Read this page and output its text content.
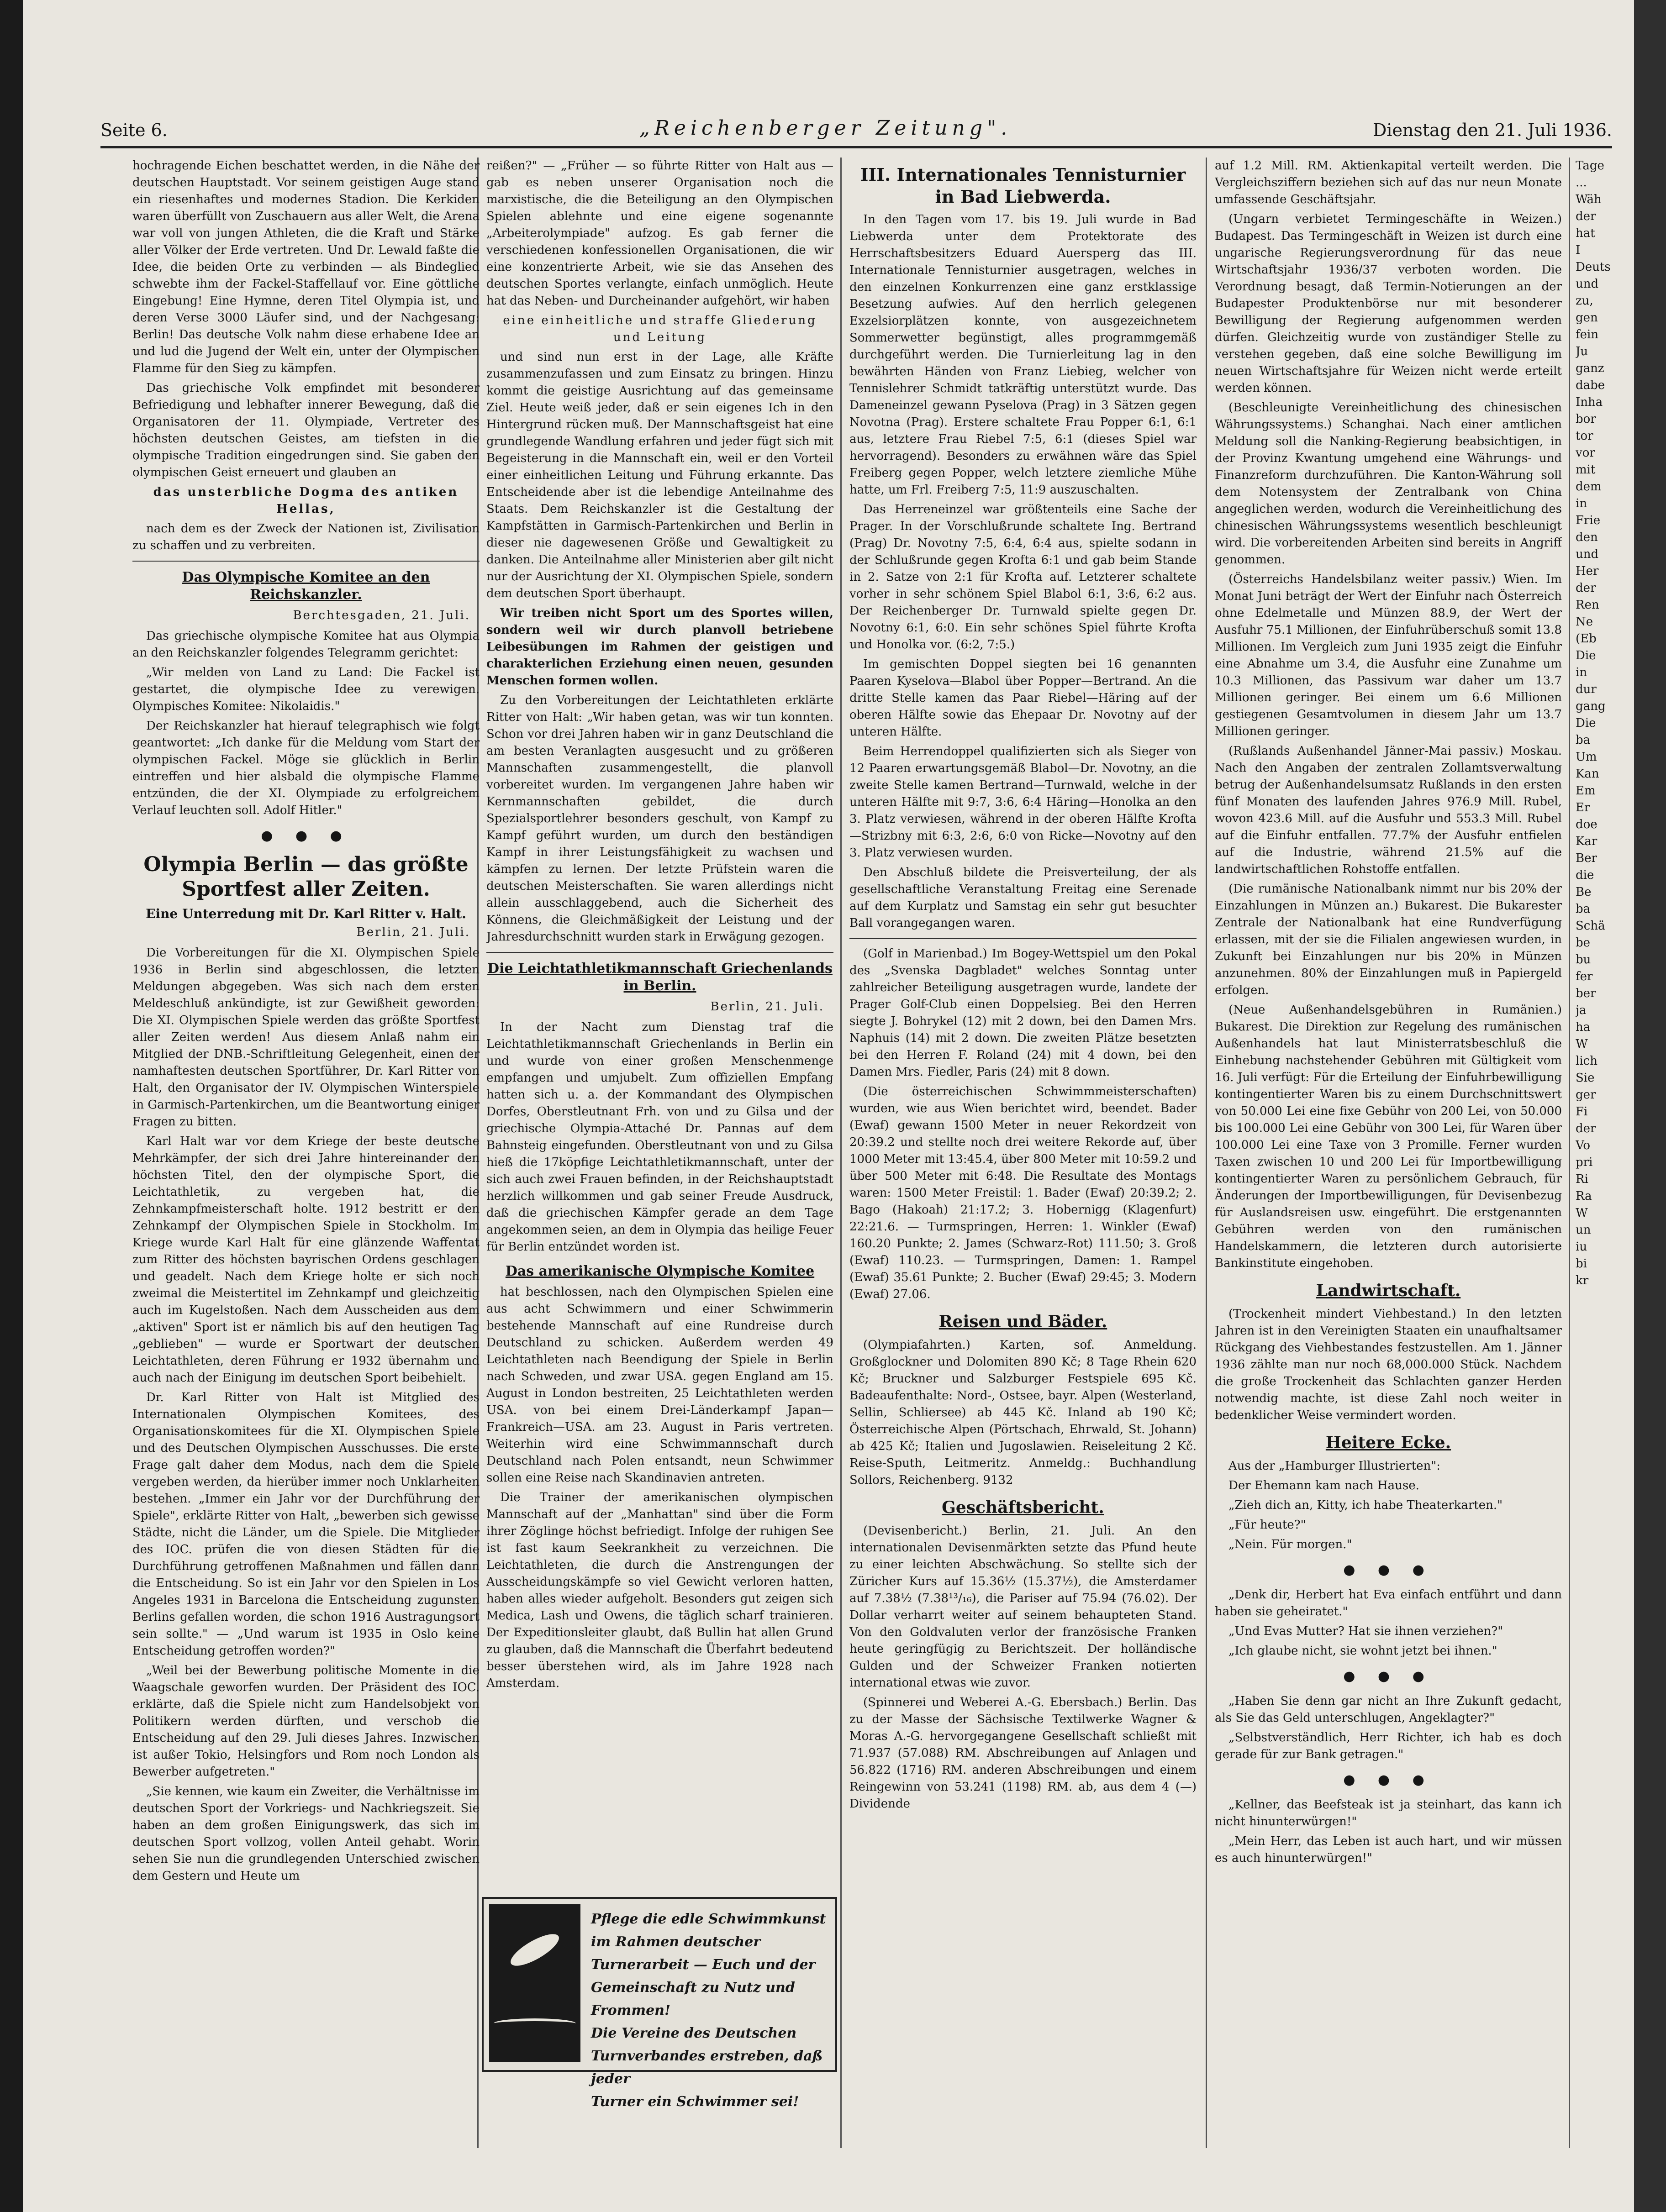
Seite 6.	„Reichenberger Zeitung".	Dienstag den 21. Juli 1936.

hochragende Eichen beschattet werden, in die Nähe der deutschen Hauptstadt. Vor seinem geistigen Auge stand ein riesenhaftes und modernes Stadion. Die Kerkiden waren überfüllt von Zuschauern aus aller Welt, die Arena war voll von jungen Athleten, die die Kraft und Stärke aller Völker der Erde vertreten. Und Dr. Lewald faßte die Idee, die beiden Orte zu verbinden — als Bindeglied schwebte ihm der Fackel-Staffellauf vor. Eine göttliche Eingebung! Eine Hymne, deren Titel Olympia ist, und deren Verse 3000 Läufer sind, und der Nachgesang: Berlin! Das deutsche Volk nahm diese erhabene Idee an und lud die Jugend der Welt ein, unter der Olympischen Flamme für den Sieg zu kämpfen.

Das griechische Volk empfindet mit besonderer Befriedigung und lebhafter innerer Bewegung, daß die Organisatoren der 11. Olympiade, Vertreter des höchsten deutschen Geistes, am tiefsten in die olympische Tradition eingedrungen sind. Sie gaben den olympischen Geist erneuert und glauben an

das unsterbliche Dogma des antiken Hellas,

nach dem es der Zweck der Nationen ist, Zivilisation zu schaffen und zu verbreiten.

Das Olympische Komitee an den Reichskanzler.
Berchtesgaden, 21. Juli.

Das griechische olympische Komitee hat aus Olympia an den Reichskanzler folgendes Telegramm gerichtet:

„Wir melden von Land zu Land: Die Fackel ist gestartet, die olympische Idee zu verewigen. Olympisches Komitee: Nikolaidis."

Der Reichskanzler hat hierauf telegraphisch wie folgt geantwortet: „Ich danke für die Meldung vom Start der olympischen Fackel. Möge sie glücklich in Berlin eintreffen und hier alsbald die olympische Flamme entzünden, die der XI. Olympiade zu erfolgreichem Verlauf leuchten soll. Adolf Hitler."

● ● ●
Olympia Berlin — das größte Sportfest aller Zeiten.
Eine Unterredung mit Dr. Karl Ritter v. Halt.
Berlin, 21. Juli.

Die Vorbereitungen für die XI. Olympischen Spiele 1936 in Berlin sind abgeschlossen, die letzten Meldungen abgegeben. Was sich nach dem ersten Meldeschluß ankündigte, ist zur Gewißheit geworden: Die XI. Olympischen Spiele werden das größte Sportfest aller Zeiten werden! Aus diesem Anlaß nahm ein Mitglied der DNB.-Schriftleitung Gelegenheit, einen der namhaftesten deutschen Sportführer, Dr. Karl Ritter von Halt, den Organisator der IV. Olympischen Winterspiele in Garmisch-Partenkirchen, um die Beantwortung einiger Fragen zu bitten.

Karl Halt war vor dem Kriege der beste deutsche Mehrkämpfer, der sich drei Jahre hintereinander den höchsten Titel, den der olympische Sport, die Leichtathletik, zu vergeben hat, die Zehnkampfmeisterschaft holte. 1912 bestritt er den Zehnkampf der Olympischen Spiele in Stockholm. Im Kriege wurde Karl Halt für eine glänzende Waffentat zum Ritter des höchsten bayrischen Ordens geschlagen und geadelt. Nach dem Kriege holte er sich noch zweimal die Meistertitel im Zehnkampf und gleichzeitig auch im Kugelstoßen. Nach dem Ausscheiden aus dem „aktiven" Sport ist er nämlich bis auf den heutigen Tag „geblieben" — wurde er Sportwart der deutschen Leichtathleten, deren Führung er 1932 übernahm und auch nach der Einigung im deutschen Sport beibehielt.

Dr. Karl Ritter von Halt ist Mitglied des Internationalen Olympischen Komitees, des Organisationskomitees für die XI. Olympischen Spiele und des Deutschen Olympischen Ausschusses. Die erste Frage galt daher dem Modus, nach dem die Spiele vergeben werden, da hierüber immer noch Unklarheiten bestehen. „Immer ein Jahr vor der Durchführung der Spiele", erklärte Ritter von Halt, „bewerben sich gewisse Städte, nicht die Länder, um die Spiele. Die Mitglieder des IOC. prüfen die von diesen Städten für die Durchführung getroffenen Maßnahmen und fällen dann die Entscheidung. So ist ein Jahr vor den Spielen in Los Angeles 1931 in Barcelona die Entscheidung zugunsten Berlins gefallen worden, die schon 1916 Austragungsort sein sollte." — „Und warum ist 1935 in Oslo keine Entscheidung getroffen worden?"

„Weil bei der Bewerbung politische Momente in die Waagschale geworfen wurden. Der Präsident des IOC. erklärte, daß die Spiele nicht zum Handelsobjekt von Politikern werden dürften, und verschob die Entscheidung auf den 29. Juli dieses Jahres. Inzwischen ist außer Tokio, Helsingfors und Rom noch London als Bewerber aufgetreten."

„Sie kennen, wie kaum ein Zweiter, die Verhältnisse im deutschen Sport der Vorkriegs- und Nachkriegszeit. Sie haben an dem großen Einigungswerk, das sich im deutschen Sport vollzog, vollen Anteil gehabt. Worin sehen Sie nun die grundlegenden Unterschied zwischen dem Gestern und Heute um

reißen?" — „Früher — so führte Ritter von Halt aus — gab es neben unserer Organisation noch die marxistische, die die Beteiligung an den Olympischen Spielen ablehnte und eine eigene sogenannte „Arbeiterolympiade" aufzog. Es gab ferner die verschiedenen konfessionellen Organisationen, die wir eine konzentrierte Arbeit, wie sie das Ansehen des deutschen Sportes verlangte, einfach unmöglich. Heute hat das Neben- und Durcheinander aufgehört, wir haben

eine einheitliche und straffe Gliederung und Leitung

und sind nun erst in der Lage, alle Kräfte zusammenzufassen und zum Einsatz zu bringen. Hinzu kommt die geistige Ausrichtung auf das gemeinsame Ziel. Heute weiß jeder, daß er sein eigenes Ich in den Hintergrund rücken muß. Der Mannschaftsgeist hat eine grundlegende Wandlung erfahren und jeder fügt sich mit Begeisterung in die Mannschaft ein, weil er den Vorteil einer einheitlichen Leitung und Führung erkannte. Das Entscheidende aber ist die lebendige Anteilnahme des Staats. Dem Reichskanzler ist die Gestaltung der Kampfstätten in Garmisch-Partenkirchen und Berlin in dieser nie dagewesenen Größe und Gewaltigkeit zu danken. Die Anteilnahme aller Ministerien aber gilt nicht nur der Ausrichtung der XI. Olympischen Spiele, sondern dem deutschen Sport überhaupt.

Wir treiben nicht Sport um des Sportes willen, sondern weil wir durch planvoll betriebene Leibesübungen im Rahmen der geistigen und charakterlichen Erziehung einen neuen, gesunden Menschen formen wollen.

Zu den Vorbereitungen der Leichtathleten erklärte Ritter von Halt: „Wir haben getan, was wir tun konnten. Schon vor drei Jahren haben wir in ganz Deutschland die am besten Veranlagten ausgesucht und zu größeren Mannschaften zusammengestellt, die planvoll vorbereitet wurden. Im vergangenen Jahre haben wir Kernmannschaften gebildet, die durch Spezialsportlehrer besonders geschult, von Kampf zu Kampf geführt wurden, um durch den beständigen Kampf in ihrer Leistungsfähigkeit zu wachsen und kämpfen zu lernen. Der letzte Prüfstein waren die deutschen Meisterschaften. Sie waren allerdings nicht allein ausschlaggebend, auch die Sicherheit des Könnens, die Gleichmäßigkeit der Leistung und der Jahresdurchschnitt wurden stark in Erwägung gezogen.

Die Leichtathletikmannschaft Griechenlands in Berlin.
Berlin, 21. Juli.

In der Nacht zum Dienstag traf die Leichtathletikmannschaft Griechenlands in Berlin ein und wurde von einer großen Menschenmenge empfangen und umjubelt. Zum offiziellen Empfang hatten sich u. a. der Kommandant des Olympischen Dorfes, Oberstleutnant Frh. von und zu Gilsa und der griechische Olympia-Attaché Dr. Pannas auf dem Bahnsteig eingefunden. Oberstleutnant von und zu Gilsa hieß die 17köpfige Leichtathletikmannschaft, unter der sich auch zwei Frauen befinden, in der Reichshauptstadt herzlich willkommen und gab seiner Freude Ausdruck, daß die griechischen Kämpfer gerade an dem Tage angekommen seien, an dem in Olympia das heilige Feuer für Berlin entzündet worden ist.

Das amerikanische Olympische Komitee

hat beschlossen, nach den Olympischen Spielen eine aus acht Schwimmern und einer Schwimmerin bestehende Mannschaft auf eine Rundreise durch Deutschland zu schicken. Außerdem werden 49 Leichtathleten nach Beendigung der Spiele in Berlin nach Schweden, und zwar USA. gegen England am 15. August in London bestreiten, 25 Leichtathleten werden USA. von bei einem Drei-Länderkampf Japan—Frankreich—USA. am 23. August in Paris vertreten. Weiterhin wird eine Schwimmannschaft durch Deutschland nach Polen entsandt, neun Schwimmer sollen eine Reise nach Skandinavien antreten.

Die Trainer der amerikanischen olympischen Mannschaft auf der „Manhattan" sind über die Form ihrer Zöglinge höchst befriedigt. Infolge der ruhigen See ist fast kaum Seekrankheit zu verzeichnen. Die Leichtathleten, die durch die Anstrengungen der Ausscheidungskämpfe so viel Gewicht verloren hatten, haben alles wieder aufgeholt. Besonders gut zeigen sich Medica, Lash und Owens, die täglich scharf trainieren. Der Expeditionsleiter glaubt, daß Bullin hat allen Grund zu glauben, daß die Mannschaft die Überfahrt bedeutend besser überstehen wird, als im Jahre 1928 nach Amsterdam.

Pflege die edle Schwimmkunst
im Rahmen deutscher Turnerarbeit — Euch und der Gemeinschaft zu Nutz und Frommen!
Die Vereine des Deutschen Turnverbandes erstreben, daß jeder
Turner ein Schwimmer sei!
III. Internationales Tennisturnier in Bad Liebwerda.

In den Tagen vom 17. bis 19. Juli wurde in Bad Liebwerda unter dem Protektorate des Herrschaftsbesitzers Eduard Auersperg das III. Internationale Tennisturnier ausgetragen, welches in den einzelnen Konkurrenzen eine ganz erstklassige Besetzung aufwies. Auf den herrlich gelegenen Exzelsiorplätzen konnte, von ausgezeichnetem Sommerwetter begünstigt, alles programmgemäß durchgeführt werden. Die Turnierleitung lag in den bewährten Händen von Franz Liebieg, welcher von Tennislehrer Schmidt tatkräftig unterstützt wurde. Das Dameneinzel gewann Pyselova (Prag) in 3 Sätzen gegen Novotna (Prag). Erstere schaltete Frau Popper 6:1, 6:1 aus, letztere Frau Riebel 7:5, 6:1 (dieses Spiel war hervorragend). Besonders zu erwähnen wäre das Spiel Freiberg gegen Popper, welch letztere ziemliche Mühe hatte, um Frl. Freiberg 7:5, 11:9 auszuschalten.

Das Herreneinzel war größtenteils eine Sache der Prager. In der Vorschlußrunde schaltete Ing. Bertrand (Prag) Dr. Novotny 7:5, 6:4, 6:4 aus, spielte sodann in der Schlußrunde gegen Krofta 6:1 und gab beim Stande in 2. Satze von 2:1 für Krofta auf. Letzterer schaltete vorher in sehr schönem Spiel Blabol 6:1, 3:6, 6:2 aus. Der Reichenberger Dr. Turnwald spielte gegen Dr. Novotny 6:1, 6:0. Ein sehr schönes Spiel führte Krofta und Honolka vor. (6:2, 7:5.)

Im gemischten Doppel siegten bei 16 genannten Paaren Kyselova—Blabol über Popper—Bertrand. An die dritte Stelle kamen das Paar Riebel—Häring auf der oberen Hälfte sowie das Ehepaar Dr. Novotny auf der unteren Hälfte.

Beim Herrendoppel qualifizierten sich als Sieger von 12 Paaren erwartungsgemäß Blabol—Dr. Novotny, an die zweite Stelle kamen Bertrand—Turnwald, welche in der unteren Hälfte mit 9:7, 3:6, 6:4 Häring—Honolka an den 3. Platz verwiesen, während in der oberen Hälfte Krofta—Strizbny mit 6:3, 2:6, 6:0 von Ricke—Novotny auf den 3. Platz verwiesen wurden.

Den Abschluß bildete die Preisverteilung, der als gesellschaftliche Veranstaltung Freitag eine Serenade auf dem Kurplatz und Samstag ein sehr gut besuchter Ball vorangegangen waren.

(Golf in Marienbad.) Im Bogey-Wettspiel um den Pokal des „Svenska Dagbladet" welches Sonntag unter zahlreicher Beteiligung ausgetragen wurde, landete der Prager Golf-Club einen Doppelsieg. Bei den Herren siegte J. Bohrykel (12) mit 2 down, bei den Damen Mrs. Naphuis (14) mit 2 down. Die zweiten Plätze besetzten bei den Herren F. Roland (24) mit 4 down, bei den Damen Mrs. Fiedler, Paris (24) mit 8 down.

(Die österreichischen Schwimmmeisterschaften) wurden, wie aus Wien berichtet wird, beendet. Bader (Ewaf) gewann 1500 Meter in neuer Rekordzeit von 20:39.2 und stellte noch drei weitere Rekorde auf, über 1000 Meter mit 13:45.4, über 800 Meter mit 10:59.2 und über 500 Meter mit 6:48. Die Resultate des Montags waren: 1500 Meter Freistil: 1. Bader (Ewaf) 20:39.2; 2. Bago (Hakoah) 21:17.2; 3. Hobernigg (Klagenfurt) 22:21.6. — Turmspringen, Herren: 1. Winkler (Ewaf) 160.20 Punkte; 2. James (Schwarz-Rot) 111.50; 3. Groß (Ewaf) 110.23. — Turmspringen, Damen: 1. Rampel (Ewaf) 35.61 Punkte; 2. Bucher (Ewaf) 29:45; 3. Modern (Ewaf) 27.06.

Reisen und Bäder.

(Olympiafahrten.) Karten, sof. Anmeldung. Großglockner und Dolomiten 890 Kč; 8 Tage Rhein 620 Kč; Bruckner und Salzburger Festspiele 695 Kč. Badeaufenthalte: Nord-, Ostsee, bayr. Alpen (Westerland, Sellin, Schliersee) ab 445 Kč. Inland ab 190 Kč; Österreichische Alpen (Pörtschach, Ehrwald, St. Johann) ab 425 Kč; Italien und Jugoslawien. Reiseleitung 2 Kč. Reise-Sputh, Leitmeritz. Anmeldg.: Buchhandlung Sollors, Reichenberg. 9132

Geschäftsbericht.

(Devisenbericht.) Berlin, 21. Juli. An den internationalen Devisenmärkten setzte das Pfund heute zu einer leichten Abschwächung. So stellte sich der Züricher Kurs auf 15.36½ (15.37½), die Amsterdamer auf 7.38½ (7.38¹³/₁₆), die Pariser auf 75.94 (76.02). Der Dollar verharrt weiter auf seinem behaupteten Stand. Von den Goldvaluten verlor der französische Franken heute geringfügig zu Berichtszeit. Der holländische Gulden und der Schweizer Franken notierten international etwas wie zuvor.

(Spinnerei und Weberei A.-G. Ebersbach.) Berlin. Das zu der Masse der Sächsische Textilwerke Wagner & Moras A.-G. hervorgegangene Gesellschaft schließt mit 71.937 (57.088) RM. Abschreibungen auf Anlagen und 56.822 (1716) RM. anderen Abschreibungen und einem Reingewinn von 53.241 (1198) RM. ab, aus dem 4 (—) Dividende

auf 1.2 Mill. RM. Aktienkapital verteilt werden. Die Vergleichsziffern beziehen sich auf das nur neun Monate umfassende Geschäftsjahr.

(Ungarn verbietet Termingeschäfte in Weizen.) Budapest. Das Termingeschäft in Weizen ist durch eine ungarische Regierungsverordnung für das neue Wirtschaftsjahr 1936/37 verboten worden. Die Verordnung besagt, daß Termin-Notierungen an der Budapester Produktenbörse nur mit besonderer Bewilligung der Regierung aufgenommen werden dürfen. Gleichzeitig wurde von zuständiger Stelle zu verstehen gegeben, daß eine solche Bewilligung im neuen Wirtschaftsjahre für Weizen nicht werde erteilt werden können.

(Beschleunigte Vereinheitlichung des chinesischen Währungssystems.) Schanghai. Nach einer amtlichen Meldung soll die Nanking-Regierung beabsichtigen, in der Provinz Kwantung umgehend eine Währungs- und Finanzreform durchzuführen. Die Kanton-Währung soll dem Notensystem der Zentralbank von China angeglichen werden, wodurch die Vereinheitlichung des chinesischen Währungssystems wesentlich beschleunigt wird. Die vorbereitenden Arbeiten sind bereits in Angriff genommen.

(Österreichs Handelsbilanz weiter passiv.) Wien. Im Monat Juni beträgt der Wert der Einfuhr nach Österreich ohne Edelmetalle und Münzen 88.9, der Wert der Ausfuhr 75.1 Millionen, der Einfuhrüberschuß somit 13.8 Millionen. Im Vergleich zum Juni 1935 zeigt die Einfuhr eine Abnahme um 3.4, die Ausfuhr eine Zunahme um 10.3 Millionen, das Passivum war daher um 13.7 Millionen geringer. Bei einem um 6.6 Millionen gestiegenen Gesamtvolumen in diesem Jahr um 13.7 Millionen geringer.

(Rußlands Außenhandel Jänner-Mai passiv.) Moskau. Nach den Angaben der zentralen Zollamtsverwaltung betrug der Außenhandelsumsatz Rußlands in den ersten fünf Monaten des laufenden Jahres 976.9 Mill. Rubel, wovon 423.6 Mill. auf die Ausfuhr und 553.3 Mill. Rubel auf die Einfuhr entfallen. 77.7% der Ausfuhr entfielen auf die Industrie, während 21.5% auf die landwirtschaftlichen Rohstoffe entfallen.

(Die rumänische Nationalbank nimmt nur bis 20% der Einzahlungen in Münzen an.) Bukarest. Die Bukarester Zentrale der Nationalbank hat eine Rundverfügung erlassen, mit der sie die Filialen angewiesen wurden, in Zukunft bei Einzahlungen nur bis 20% in Münzen anzunehmen. 80% der Einzahlungen muß in Papiergeld erfolgen.

(Neue Außenhandelsgebühren in Rumänien.) Bukarest. Die Direktion zur Regelung des rumänischen Außenhandels hat laut Ministerratsbeschluß die Einhebung nachstehender Gebühren mit Gültigkeit vom 16. Juli verfügt: Für die Erteilung der Einfuhrbewilligung kontingentierter Waren bis zu einem Durchschnittswert von 50.000 Lei eine fixe Gebühr von 200 Lei, von 50.000 bis 100.000 Lei eine Gebühr von 300 Lei, für Waren über 100.000 Lei eine Taxe von 3 Promille. Ferner wurden Taxen zwischen 10 und 200 Lei für Importbewilligung kontingentierter Waren zu persönlichem Gebrauch, für Änderungen der Importbewilligungen, für Devisenbezug für Auslandsreisen usw. eingeführt. Die erstgenannten Gebühren werden von den rumänischen Handelskammern, die letzteren durch autorisierte Bankinstitute eingehoben.

Landwirtschaft.

(Trockenheit mindert Viehbestand.) In den letzten Jahren ist in den Vereinigten Staaten ein unaufhaltsamer Rückgang des Viehbestandes festzustellen. Am 1. Jänner 1936 zählte man nur noch 68,000.000 Stück. Nachdem die große Trockenheit das Schlachten ganzer Herden notwendig machte, ist diese Zahl noch weiter in bedenklicher Weise vermindert worden.

Heitere Ecke.

Aus der „Hamburger Illustrierten":

Der Ehemann kam nach Hause.

„Zieh dich an, Kitty, ich habe Theaterkarten."

„Für heute?"

„Nein. Für morgen."

● ● ●

„Denk dir, Herbert hat Eva einfach entführt und dann haben sie geheiratet."

„Und Evas Mutter? Hat sie ihnen verziehen?"

„Ich glaube nicht, sie wohnt jetzt bei ihnen."

● ● ●

„Haben Sie denn gar nicht an Ihre Zukunft gedacht, als Sie das Geld unterschlugen, Angeklagter?"

„Selbstverständlich, Herr Richter, ich hab es doch gerade für zur Bank getragen."

● ● ●

„Kellner, das Beefsteak ist ja steinhart, das kann ich nicht hinunterwürgen!"

„Mein Herr, das Leben ist auch hart, und wir müssen es auch hinunterwürgen!"

Tage
...
Wäh
der
hat
I
Deuts
und
zu,
gen
fein
Ju
ganz
dabe
Inha
bor
tor
vor
mit
dem
in
Frie
den
und
Her
der
Ren
Ne
(Eb
Die
in
dur
gang
Die
ba
Um
Kan
Em
Er
doe
Kar
Ber
die
Be
ba
Schä
be
bu
fer
ber
ja
ha
W
lich
Sie
ger
Fi
der
Vo
pri
Ri
Ra
W
un
iu
bi
kr
